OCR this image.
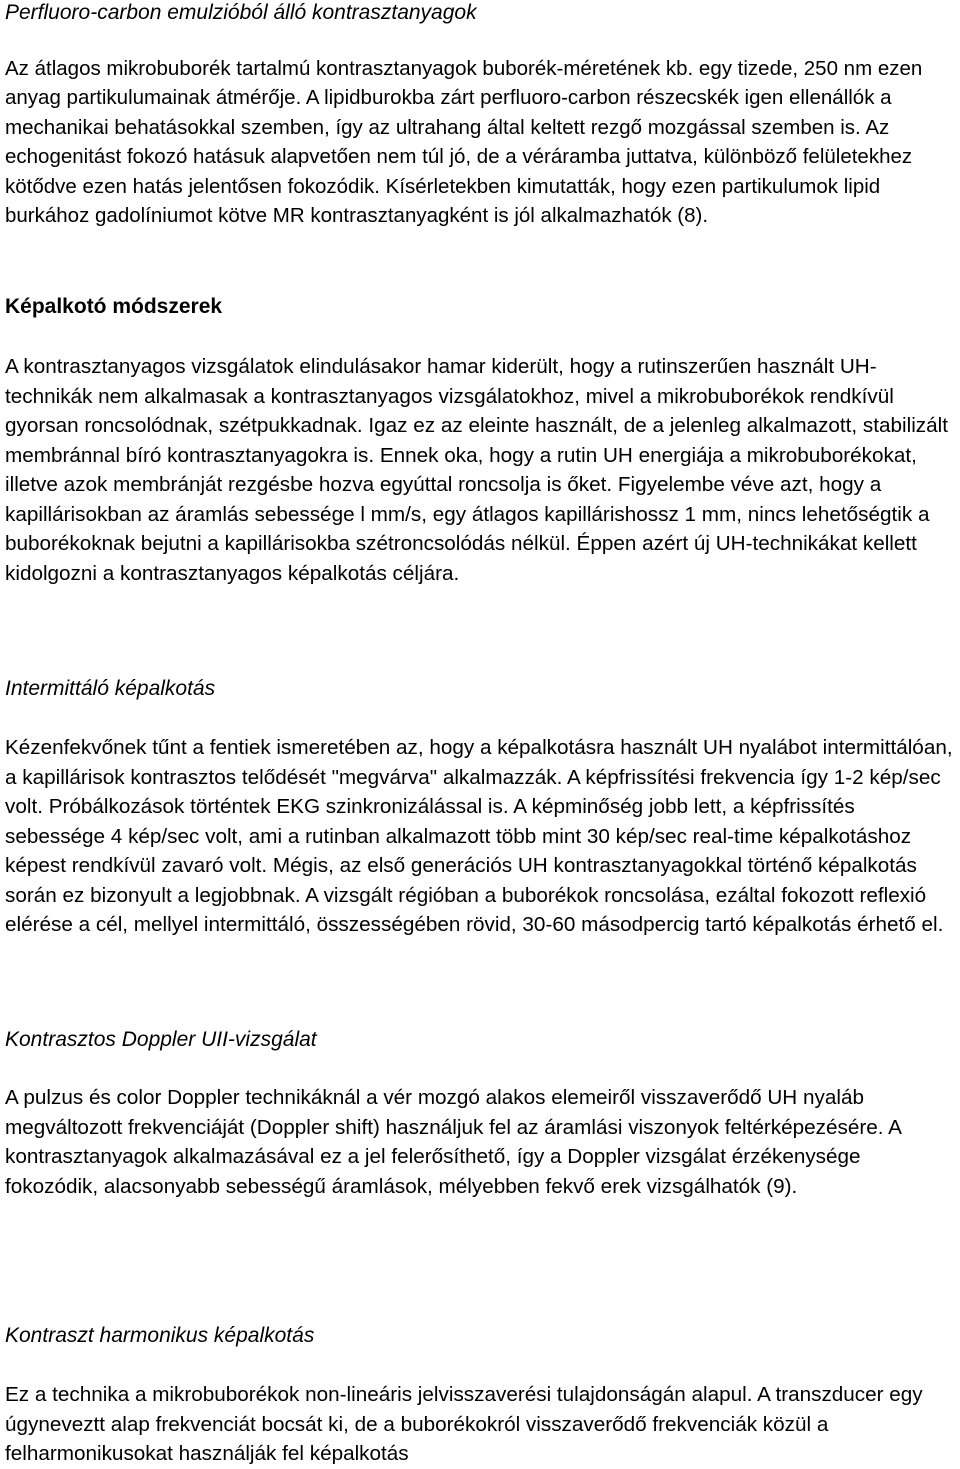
Perfluoro-carbon emulzióból álló kontrasztanyagok

Az átlagos mikrobuborék tartalmú kontrasztanyagok buborék-méretének kb. egy tizede, 250 nm ezen anyag partikulumainak átmérője. A lipidburokba zárt perfluoro-carbon részecskék igen ellenállók a mechanikai behatásokkal szemben, így az ultrahang által keltett rezgő mozgással szemben is. Az echogenitást fokozó hatásuk alapvetően nem túl jó, de a véráramba juttatva, különböző felületekhez kötődve ezen hatás jelentősen fokozódik. Kísérletekben kimutatták, hogy ezen partikulumok lipid burkához gadolíniumot kötve MR kontrasztanyagként is jól alkalmazhatók (8).

Képalkotó módszerek

A kontrasztanyagos vizsgálatok elindulásakor hamar kiderült, hogy a rutinszerűen használt UH-technikák nem alkalmasak a kontrasztanyagos vizsgálatokhoz, mivel a mikrobuborékok rendkívül gyorsan roncsolódnak, szétpukkadnak. Igaz ez az eleinte használt, de a jelenleg alkalmazott, stabilizált membránnal bíró kontrasztanyagokra is. Ennek oka, hogy a rutin UH energiája a mikrobuborékokat, illetve azok membránját rezgésbe hozva egyúttal roncsolja is őket. Figyelembe véve azt, hogy a kapillárisokban az áramlás sebessége l mm/s, egy átlagos kapillárishossz 1 mm, nincs lehetőségtik a buborékoknak bejutni a kapillárisokba szétroncsolódás nélkül. Éppen azért új UH-technikákat kellett kidolgozni a kontrasztanyagos képalkotás céljára.

Intermittáló képalkotás

Kézenfekvőnek tűnt a fentiek ismeretében az, hogy a képalkotásra használt UH nyalábot intermittálóan, a kapillárisok kontrasztos telődését "megvárva" alkalmazzák. A képfrissítési frekvencia így 1-2 kép/sec volt. Próbálkozások történtek EKG szinkronizálással is. A képminőség jobb lett, a képfrissítés sebessége 4 kép/sec volt, ami a rutinban alkalmazott több mint 30 kép/sec real-time képalkotáshoz képest rendkívül zavaró volt. Mégis, az első generációs UH kontrasztanyagokkal történő képalkotás során ez bizonyult a legjobbnak. A vizsgált régióban a buborékok roncsolása, ezáltal fokozott reflexió elérése a cél, mellyel intermittáló, összességében rövid, 30-60 másodpercig tartó képalkotás érhető el.

Kontrasztos Doppler UII-vizsgálat

A pulzus és color Doppler technikáknál a vér mozgó alakos elemeiről visszaverődő UH nyaláb megváltozott frekvenciáját (Doppler shift) használjuk fel az áramlási viszonyok feltérképezésére. A kontrasztanyagok alkalmazásával ez a jel felerősíthető, így a Doppler vizsgálat érzékenysége fokozódik, alacsonyabb sebességű áramlások, mélyebben fekvő erek vizsgálhatók (9).

Kontraszt harmonikus képalkotás

Ez a technika a mikrobuborékok non-lineáris jelvisszaverési tulajdonságán alapul. A transzducer egy úgyneveztt alap frekvenciát bocsát ki, de a buborékokról visszaverődő frekvenciák közül a felharmonikusokat használják fel képalkotás
